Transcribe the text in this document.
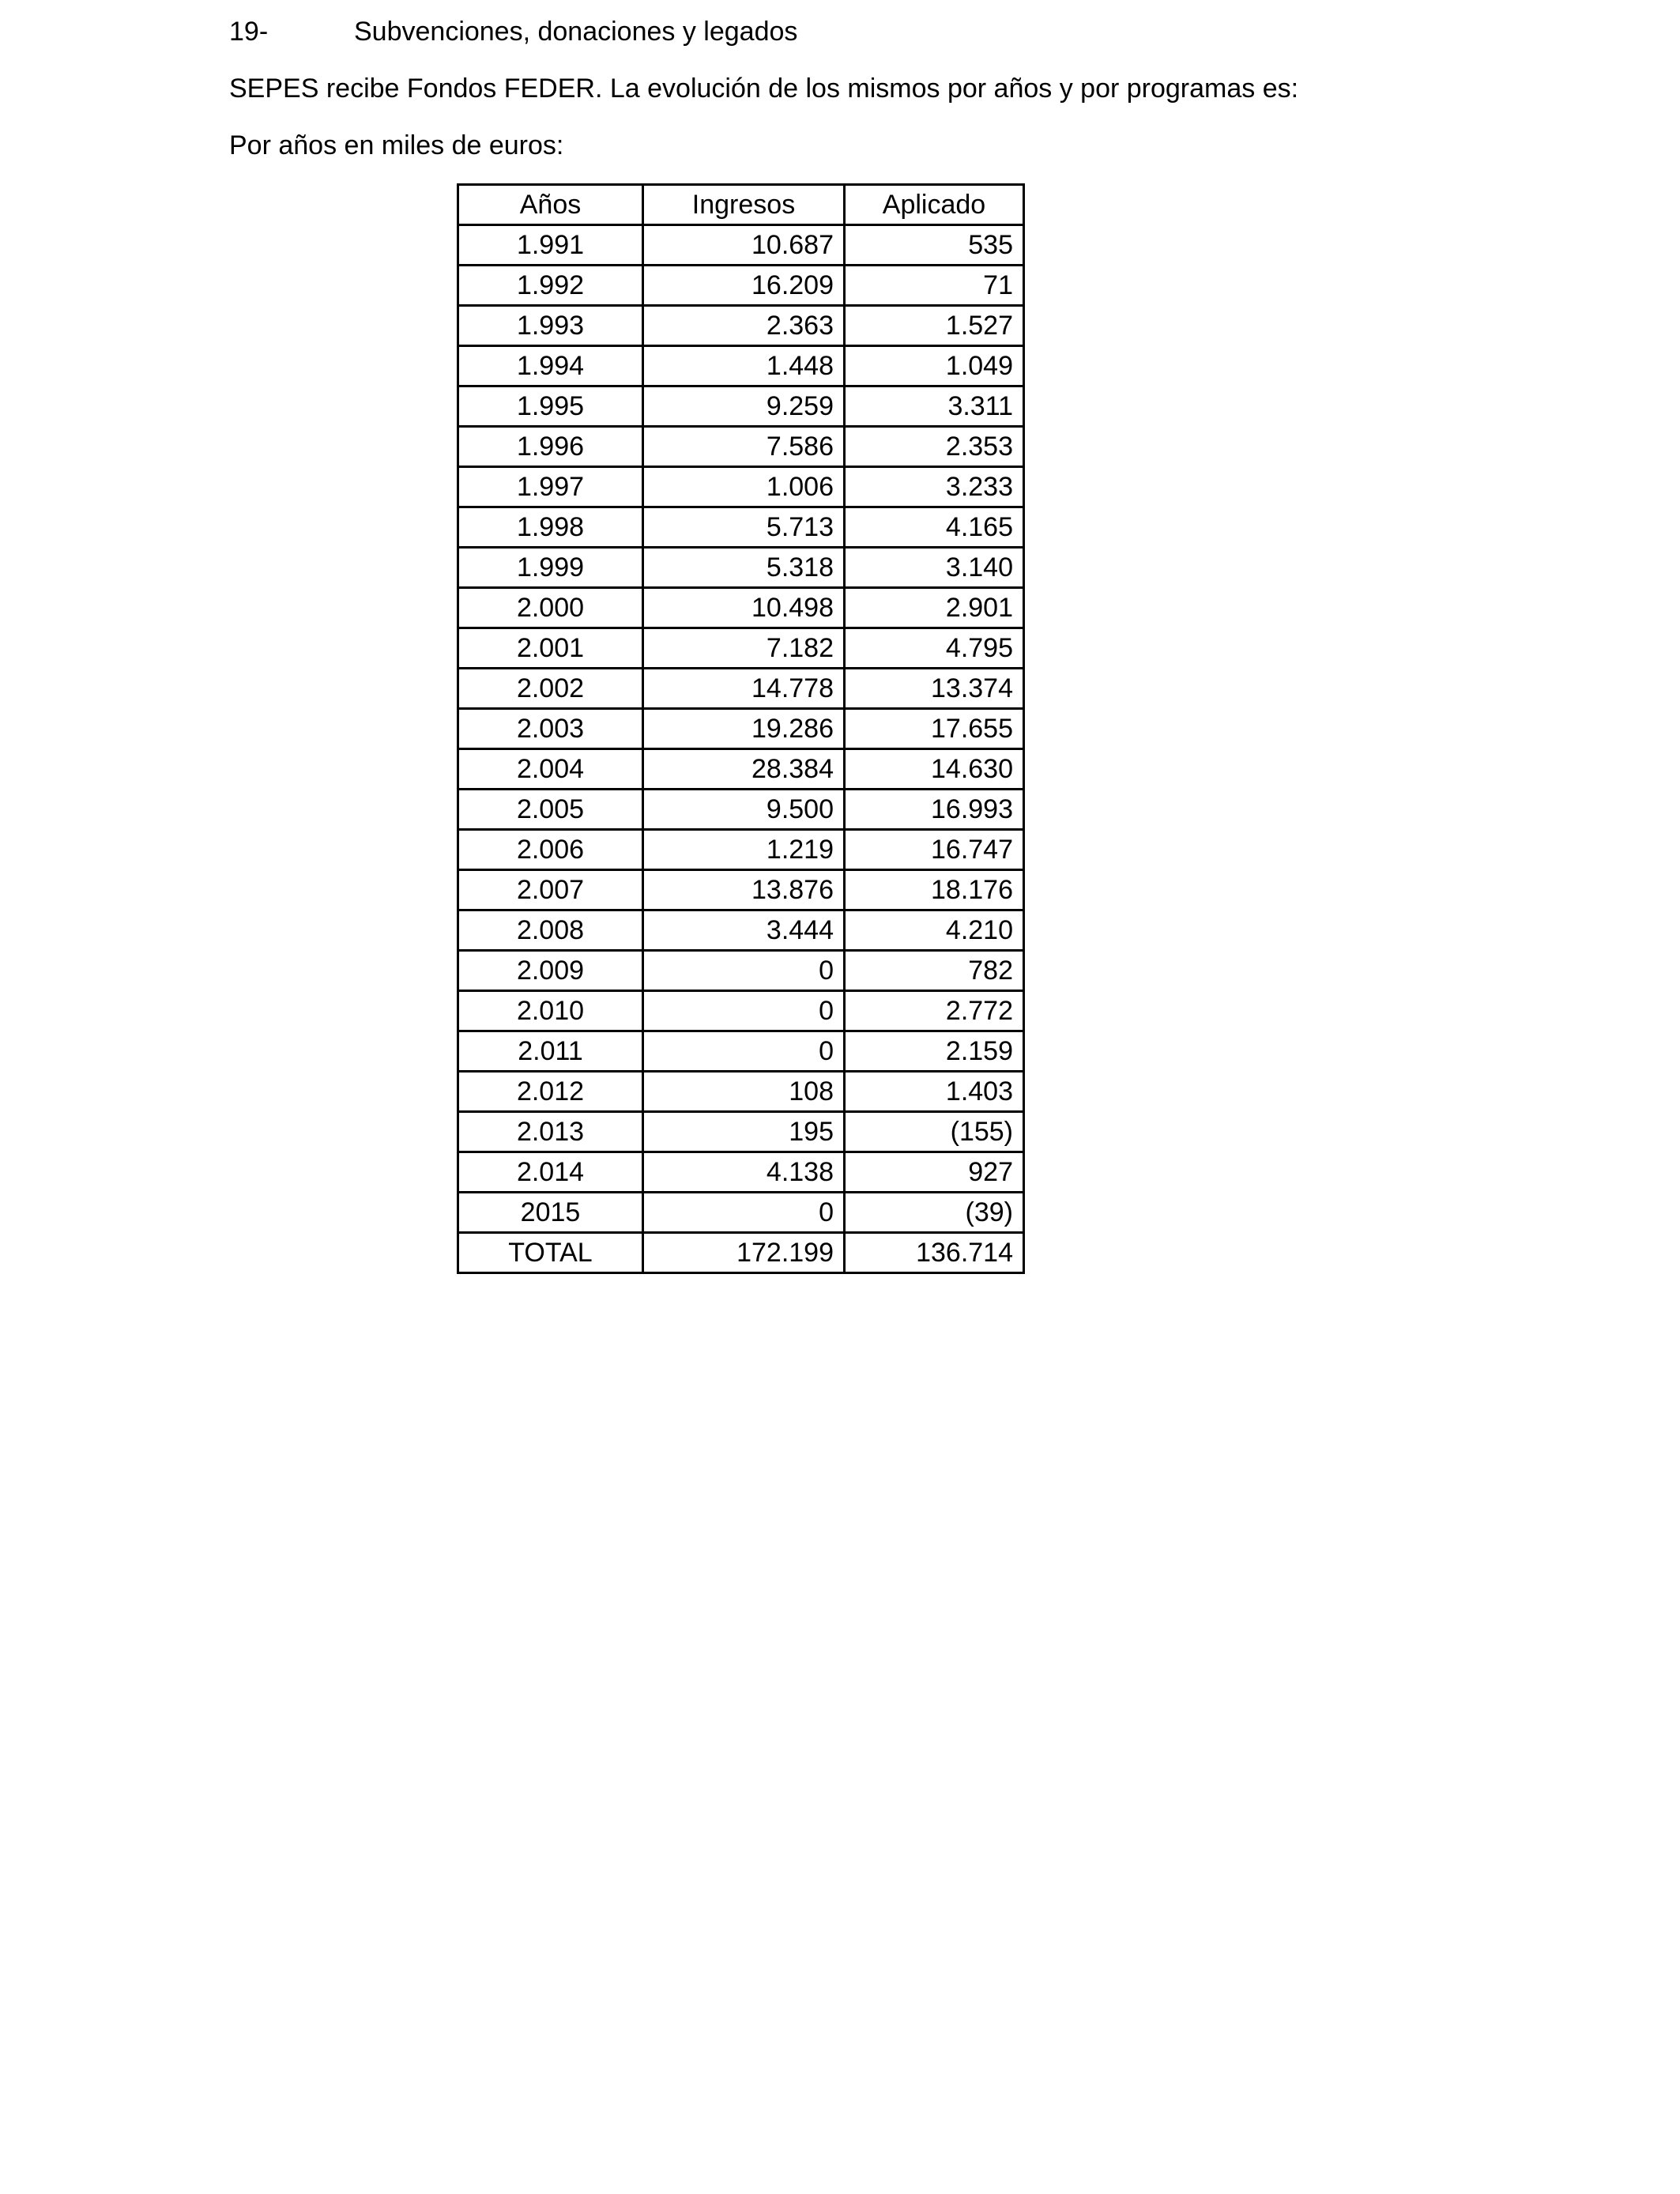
19-	Subvenciones, donaciones y legados
SEPES recibe Fondos FEDER. La evolución de los mismos por años y por programas es:
Por años en miles de euros:
Años	Ingresos	Aplicado
1.991	10.687	535
1.992	16.209	71
1.993	2.363	1.527
1.994	1.448	1.049
1.995	9.259	3.311
1.996	7.586	2.353
1.997	1.006	3.233
1.998	5.713	4.165
1.999	5.318	3.140
2.000	10.498	2.901
2.001	7.182	4.795
2.002	14.778	13.374
2.003	19.286	17.655
2.004	28.384	14.630
2.005	9.500	16.993
2.006	1.219	16.747
2.007	13.876	18.176
2.008	3.444	4.210
2.009	0	782
2.010	0	2.772
2.011	0	2.159
2.012	108	1.403
2.013	195	(155)
2.014	4.138	927
2015	0	(39)
TOTAL	172.199	136.714
